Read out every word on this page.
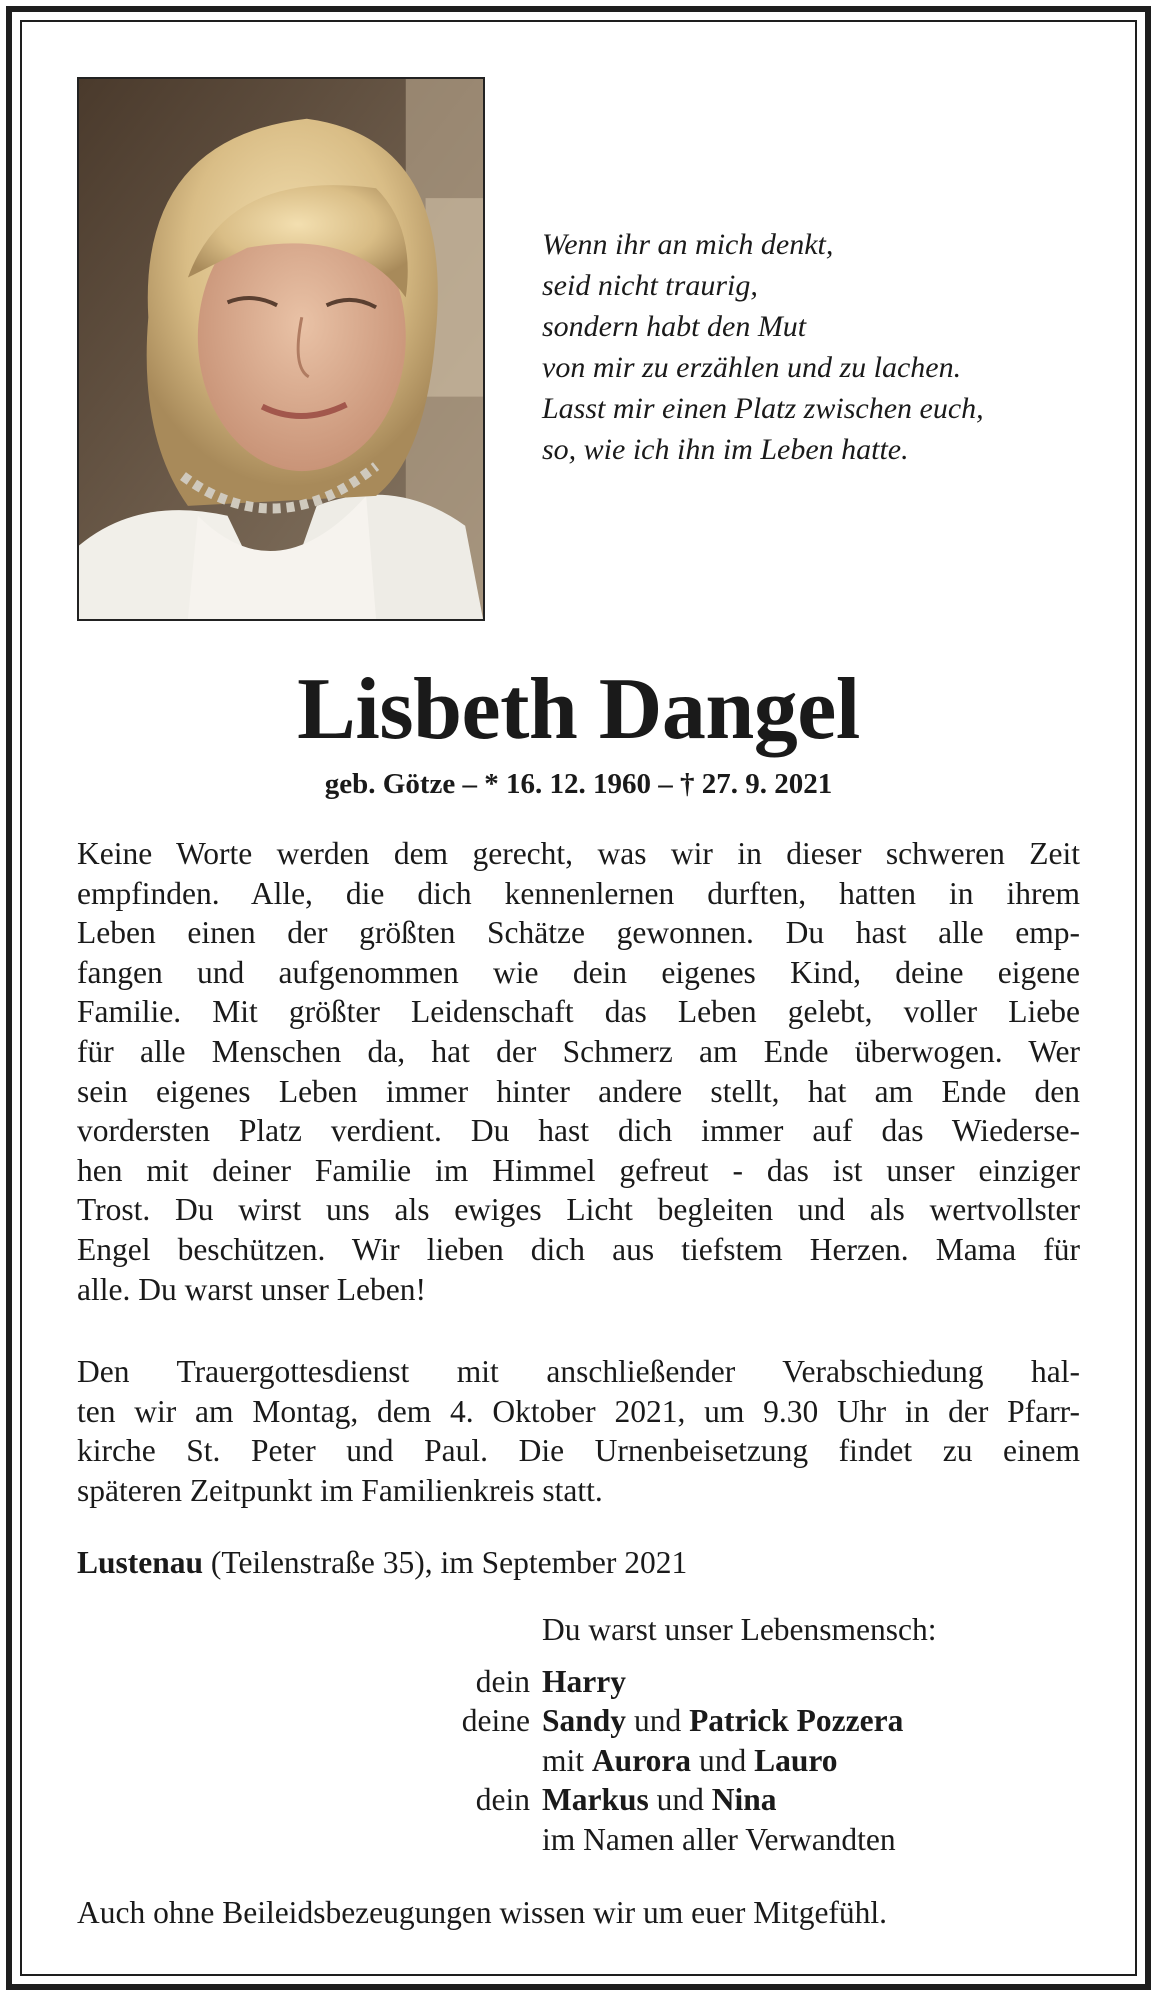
Wenn ihr an mich denkt,
seid nicht traurig,
sondern habt den Mut
von mir zu erzählen und zu lachen.
Lasst mir einen Platz zwischen euch,
so, wie ich ihn im Leben hatte.
Lisbeth Dangel
geb. Götze – * 16. 12. 1960 – † 27. 9. 2021
Keine Worte werden dem gerecht, was wir in dieser schweren Zeit
empfinden. Alle, die dich kennenlernen durften, hatten in ihrem
Leben einen der größten Schätze gewonnen. Du hast alle emp-
fangen und aufgenommen wie dein eigenes Kind, deine eigene
Familie. Mit größter Leidenschaft das Leben gelebt, voller Liebe
für alle Menschen da, hat der Schmerz am Ende überwogen. Wer
sein eigenes Leben immer hinter andere stellt, hat am Ende den
vordersten Platz verdient. Du hast dich immer auf das Wiederse-
hen mit deiner Familie im Himmel gefreut - das ist unser einziger
Trost. Du wirst uns als ewiges Licht begleiten und als wertvollster
Engel beschützen. Wir lieben dich aus tiefstem Herzen. Mama für
alle. Du warst unser Leben!
Den Trauergottesdienst mit anschließender Verabschiedung hal-
ten wir am Montag, dem 4. Oktober 2021, um 9.30 Uhr in der Pfarr-
kirche St. Peter und Paul. Die Urnenbeisetzung findet zu einem
späteren Zeitpunkt im Familienkreis statt.
Lustenau (Teilenstraße 35), im September 2021
Du warst unser Lebensmensch:
dein Harry
deine Sandy und Patrick Pozzera
mit Aurora und Lauro
dein Markus und Nina
im Namen aller Verwandten
Auch ohne Beileidsbezeugungen wissen wir um euer Mitgefühl.
